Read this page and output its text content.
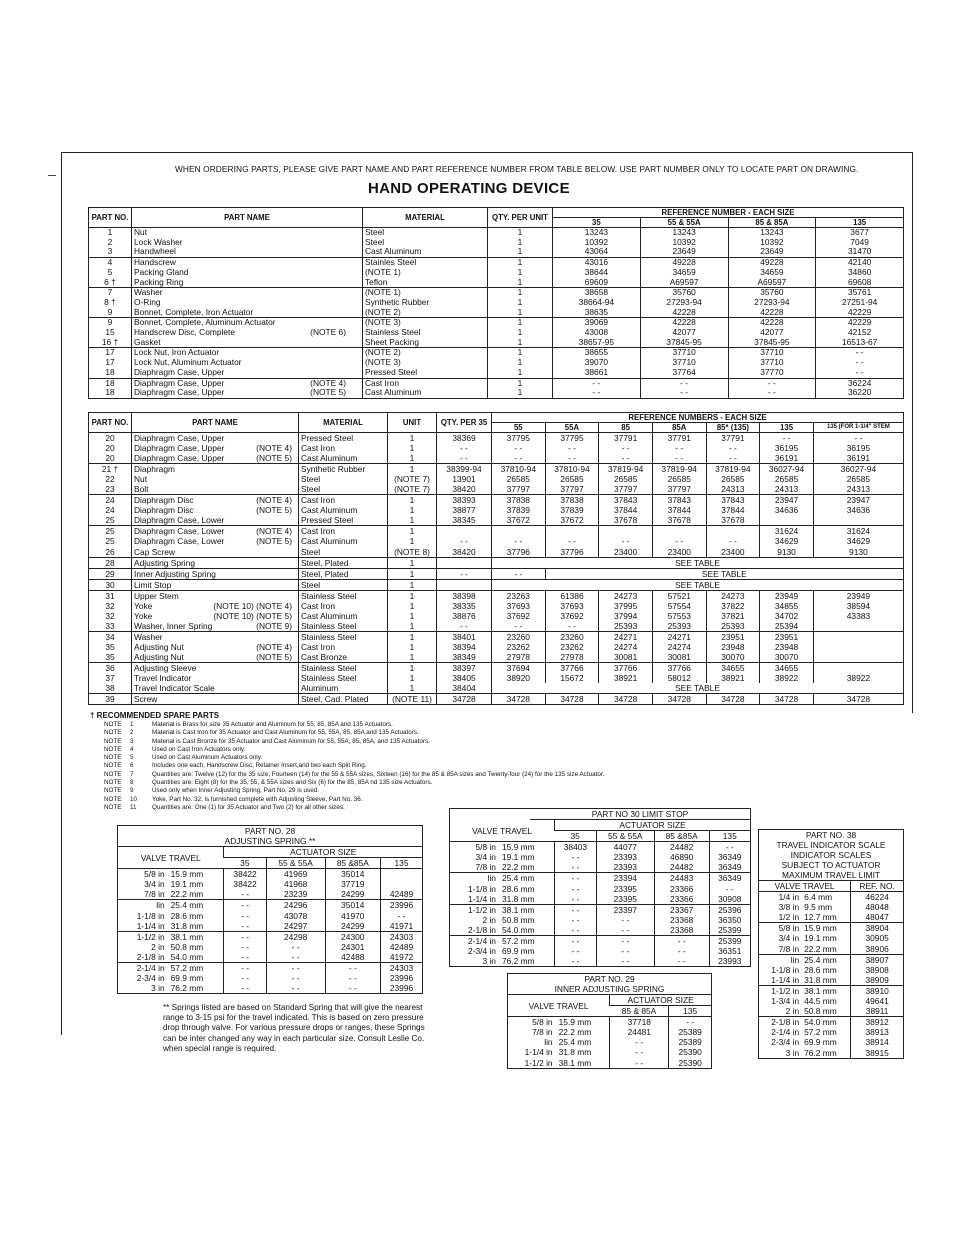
WHEN ORDERING PARTS, PLEASE GIVE PART NAME AND PART REFERENCE NUMBER FROM TABLE BELOW. USE PART NUMBER ONLY TO LOCATE PART ON DRAWING.
HAND OPERATING DEVICE
PART NO.	PART NAME	MATERIAL	QTY. PER UNIT	REFERENCE NUMBER - EACH SIZE			
				35	55 & 55A	85 & 85A	135
1	Nut	Steel	1	13243	13243	13243	3677
2	Lock Washer	Steel	1	10392	10392	10392	7049
3	Handwheel	Cast Aluminum	1	43064	23649	23649	31470
4	Handscrew	Stainles Steel	1	43016	49228	49228	42140
5	Packing Gland	(NOTE 1)	1	38644	34659	34659	34860
6 †	Packing Ring	Teflon	1	69609	A69597	A69597	69608
7	Washer	(NOTE 1)	1	38658	35760	35760	35761
8 †	O-Ring	Synthetic Rubber	1	38664-94	27293-94	27293-94	27251-94
9	Bonnet, Complete, Iron Actuator	(NOTE 2)	1	38635	42228	42228	42229
9	Bonnet, Complete, Aluminum Actuator	(NOTE 3)	1	39069	42228	42228	42229
15	Handscrew Disc, Complete (NOTE 6)	Stainless Steel	1	43008	42077	42077	42152
16 †	Gasket	Sheet Packing	1	38657-95	37845-95	37845-95	16513-67
17	Lock Nut, Iron Actuator	(NOTE 2)	1	38655	37710	37710	- -
17	Lock Nut, Aluminum Actuator	(NOTE 3)	1	39070	37710	37710	- -
18	Diaphragm Case, Upper	Pressed Steel	1	38661	37764	37770	- -
18	Diaphragm Case, Upper (NOTE 4)	Cast Iron	1	- -	- -	- -	36224
18	Diaphragm Case, Upper (NOTE 5)	Cast Aluminum	1	- -	- -	- -	36220
PART NO.	PART NAME	MATERIAL	UNIT	QTY. PER 35	REFERENCE NUMBERS - EACH SIZE						
					55	55A	85	85A	85* (135)	135	135 (FOR 1-1/4" STEM
20	Diaphragm Case, Upper	Pressed Steel	1	38369	37795	37795	37791	37791	37791	- -	- -
20	Diaphragm Case, Upper (NOTE 4)	Cast Iron	1	- -	- -	- -	- -	- -	- -	36195	36195
20	Diaphragm Case, Upper (NOTE 5)	Cast Aluminum	1	- -	- -	- -	- -	- -	- -	36191	36191
21 †	Diaphragm	Synthetic Rubber	1	38399-94	37810-94	37810-94	37819-94	37819-94	37819-94	36027-94	36027-94
22	Nut	Steel	(NOTE 7)	13901	26585	26585	26585	26585	26585	26585	26585
23	Bolt	Steel	(NOTE 7)	38420	37797	37797	37797	37797	24313	24313	24313
24	Diaphragm Disc (NOTE 4)	Cast Iron	1	38393	37838	37838	37843	37843	37843	23947	23947
24	Diaphragm Disc (NOTE 5)	Cast Aluminum	1	38877	37839	37839	37844	37844	37844	34636	34636
25	Diaphragm Case, Lower	Pressed Steel	1	38345	37672	37672	37678	37678	37678		
25	Diaphragm Case, Lower (NOTE 4)	Cast Iron	1							31624	31624
25	Diaphragm Case, Lower (NOTE 5)	Cast Aluminum	1	- -	- -	- -	- -	- -	- -	34629	34629
26	Cap Screw	Steel	(NOTE 8)	38420	37796	37796	23400	23400	23400	9130	9130
28	Adjusting Spring	Steel, Plated	1		SEE TABLE						
29	Inner Adjusting Spring	Steel, Plated	1	- -	- -	SEE TABLE					
30	Limit Stop	Steel	1		SEE TABLE						
31	Upper Stem	Stainless Steel	1	38398	23263	61386	24273	57521	24273	23949	23949
32	Yoke (NOTE 10) (NOTE 4)	Cast Iron	1	38335	37693	37693	37995	57554	37822	34855	38594
32	Yoke (NOTE 10) (NOTE 5)	Cast Aluminum	1	38876	37692	37692	37994	57553	37821	34702	43383
33	Washer, Inner Spring (NOTE 9)	Stainless Steel	1	- -	- -	- -	25393	25393	25393	25394	
34	Washer	Stainless Steel	1	38401	23260	23260	24271	24271	23951	23951	
35	Adjusting Nut (NOTE 4)	Cast Iron	1	38394	23262	23262	24274	24274	23948	23948	
35	Adjusting Nut (NOTE 5)	Cast Bronze	1	38349	27978	27978	30081	30081	30070	30070	
36	Adjusting Sleeve	Stainless Steel	1	38397	37694	37766	37766	37766	34655	34655	
37	Travel Indicator	Stainless Steel	1	38405	38920	15672	38921	58012	38921	38922	38922
38	Travel Indicator Scale	Aluminum	1	38404	SEE TABLE						
39	Screw	Steel, Cad. Plated	(NOTE 11)	34728	34728	34728	34728	34728	34728	34728	34728
† RECOMMENDED SPARE PARTS
NOTE 1	Material is Brass for size 35 Actuator and Aluminum for 55, 85, 85A and 135 Actuators.
NOTE 2	Material is Cast Iron for 35 Actuator and Cast Aluminum for 55, 55A, 85, 85A and 135 Actuators.
NOTE 3	Material is Cast Bronze for 35 Actuator and Cast Aluminum for 55, 55A, 85, 85A, and 135 Actuators.
NOTE 4	Used on Cast Iron Actuators only.
NOTE 5	Used on Cast Aluminum Actuators only.
NOTE 6	Includes one each, Handscrew Disc, Retainer Insert,and two each Split Ring.
NOTE 7	Quantities are: Twelve (12) for the 35 size, Fourteen (14) for the 55 & 55A sizes, Sixteen (16) for the 85 & 85A sizes and Twenty-four (24) for the 135 size Actuator.
NOTE 8	Quantities are: Eight (8) for the 35, 55, & 55A sizes and Six (6) for the 85, 85A nd 135 size Actuators.
NOTE 9	Used only when Inner Adjusting Spring, Part No. 29 is used.
NOTE 10 Yoke, Part No. 32, is furnished complete with Adjusting Sleeve, Part No. 36.
NOTE 11 Quantities are: One (1) for 35 Actuator and Two (2) for all other sizes.
PART NO. 28
ADJUSTING SPRING **
VALVE TRAVEL		ACTUATOR SIZE			
		35	55 & 55A	85 &85A	135
5/8 in	15.9 mm	38422	41969	35014	
3/4 in	19.1 mm	38422	41968	37719	
7/8 in	22.2 mm	- -	23239	24299	42489
lin	25.4 mm	- -	24296	35014	23996
1-1/8 in	28.6 mm	- -	43078	41970	- -
1-1/4 in	31.8 mm	- -	24297	24299	41971
1-1/2 in	38.1 mm	- -	24298	24300	24303
2 in	50.8 mm	- -	- -	24301	42489
2-1/8 in	54.0 mm	- -	- -	42488	41972
2-1/4 in	57.2 mm	- -	- -	- -	24303
2-3/4 in	69.9 mm	- -	- -	- -	23996
3 in	76.2 mm	- -	- -	- -	23996
** Springs listed are based on Standard Spring that will give the nearest range to 3-15 psi for the travel indicated. This is based on zero pressure drop through valve. For various pressure drops or ranges, these Springs can be inter changed any way in each particular size. Consult Leslie Co. when special range is required.
PART NO 30 LIMIT STOP
VALVE TRAVEL		ACTUATOR SIZE			
		35	55 & 55A	85 &85A	135
5/8 in	15.9 mm	38403	44077	24482	- -
3/4 in	19.1 mm	- -	23393	46890	36349
7/8 in	22.2 mm	- -	23393	24482	36349
lin	25.4 mm	- -	23394	24483	36349
1-1/8 in	28.6 mm	- -	23395	23366	- -
1-1/4 in	31.8 mm	- -	23395	23366	30908
1-1/2 in	38.1 mm	- -	23397	23367	25396
2 in	50.8 mm	- -	- -	23368	36350
2-1/8 in	54.0 mm	- -	- -	23368	25399
2-1/4 in	57.2 mm	- -	- -	- -	25399
2-3/4 in	69.9 mm	- -	- -	- -	36351
3 in	76.2 mm	- -	- -	- -	23993
PART NO. 29
INNER ADJUSTING SPRING
VALVE TRAVEL		ACTUATOR SIZE	
		85 & 85A	135
5/8 in	15.9 mm	37718	- -
7/8 in	22.2 mm	24481	25389
lin	25.4 mm	- -	25389
1-1/4 in	31.8 mm	- -	25390
1-1/2 in	38.1 mm	- -	25390
PART NO. 38
TRAVEL INDICATOR SCALE
INDICATOR SCALES
SUBJECT TO ACTUATOR
MAXIMUM TRAVEL LIMIT
VALVE TRAVEL		REF. NO.
1/4 in	6.4 mm	46224
3/8 in	9.5 mm	48048
1/2 in	12.7 mm	48047
5/8 in	15.9 mm	38904
3/4 in	19.1 mm	30905
7/8 in	22.2 mm	38906
lin	25.4 mm	38907
1-1/8 in	28.6 mm	38908
1-1/4 in	31.8 mm	38909
1-1/2 in	38.1 mm	38910
1-3/4 in	44.5 mm	49641
2 in	50.8 mm	38911
2-1/8 in	54.0 mm	38912
2-1/4 in	57.2 mm	38913
2-3/4 in	69.9 mm	38914
3 in	76.2 mm	38915
